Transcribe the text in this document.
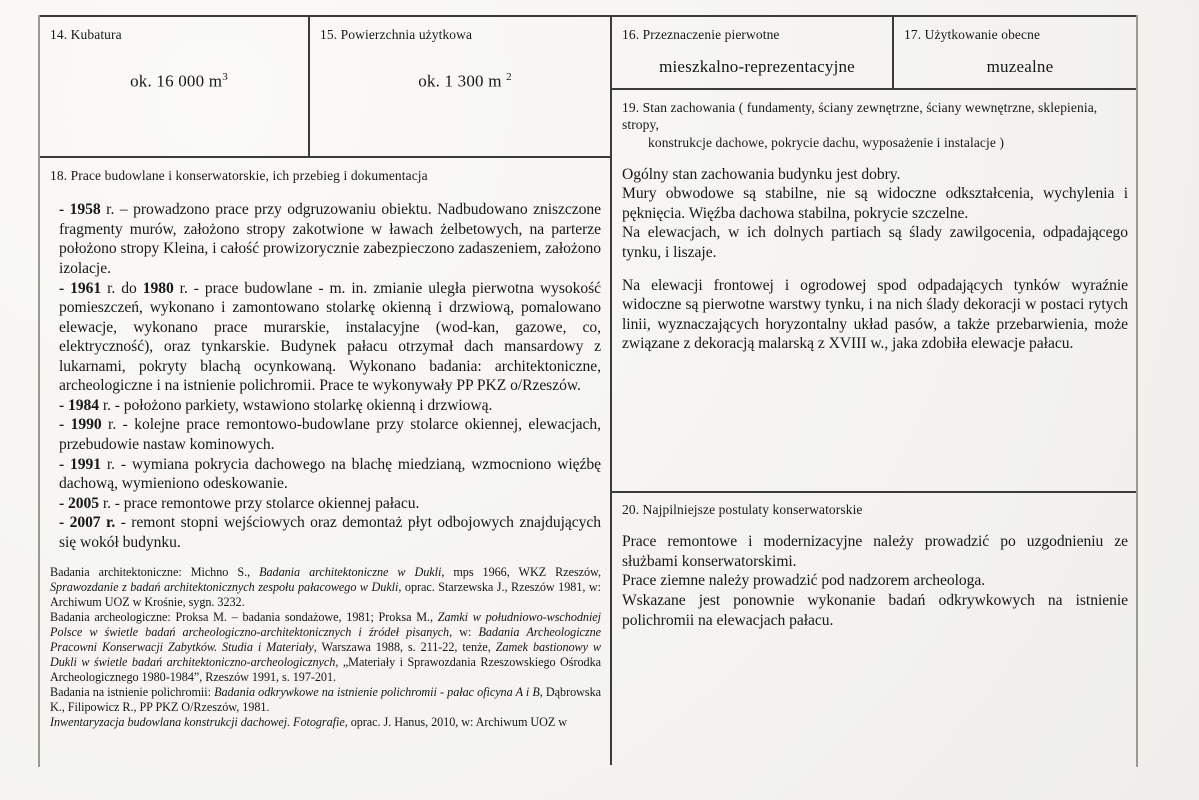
14. Kubatura
ok. 16 000 $m^3$
15. Powierzchnia użytkowa
ok. 1 300 m $^2$
16. Przeznaczenie pierwotne
mieszkalno-reprezentacyjne
17. Użytkowanie obecne
muzealne
19. Stan zachowania ( fundamenty, ściany zewnętrzne, ściany wewnętrzne, sklepienia, stropy,
konstrukcje dachowe, pokrycie dachu, wyposażenie i instalacje )

Ogólny stan zachowania budynku jest dobry.

Mury obwodowe są stabilne, nie są widoczne odkształcenia, wychylenia i pęknięcia. Więźba dachowa stabilna, pokrycie szczelne.

Na elewacjach, w ich dolnych partiach są ślady zawilgocenia, odpadającego tynku, i liszaje.

Na elewacji frontowej i ogrodowej spod odpadających tynków wyraźnie widoczne są pierwotne warstwy tynku, i na nich ślady dekoracji w postaci rytych linii, wyznaczających horyzontalny układ pasów, a także przebarwienia, może związane z dekoracją malarską z XVIII w., jaka zdobiła elewacje pałacu.

20. Najpilniejsze postulaty konserwatorskie

Prace remontowe i modernizacyjne należy prowadzić po uzgodnieniu ze służbami konserwatorskimi.

Prace ziemne należy prowadzić pod nadzorem archeologa.

Wskazane jest ponownie wykonanie badań odkrywkowych na istnienie polichromii na elewacjach pałacu.

18. Prace budowlane i konserwatorskie, ich przebieg i dokumentacja

- 1958 r. – prowadzono prace przy odgruzowaniu obiektu. Nadbudowano zniszczone fragmenty murów, założono stropy zakotwione w ławach żelbetowych, na parterze położono stropy Kleina, i całość prowizorycznie zabezpieczono zadaszeniem, założono izolacje.

- 1961 r. do 1980 r. - prace budowlane - m. in. zmianie uległa pierwotna wysokość pomieszczeń, wykonano i zamontowano stolarkę okienną i drzwiową, pomalowano elewacje, wykonano prace murarskie, instalacyjne (wod-kan, gazowe, co, elektryczność), oraz tynkarskie. Budynek pałacu otrzymał dach mansardowy z lukarnami, pokryty blachą ocynkowaną. Wykonano badania: architektoniczne, archeologiczne i na istnienie polichromii. Prace te wykonywały PP PKZ o/Rzeszów.

- 1984 r. - położono parkiety, wstawiono stolarkę okienną i drzwiową.

- 1990 r. - kolejne prace remontowo-budowlane przy stolarce okiennej, elewacjach, przebudowie nastaw kominowych.

- 1991 r. - wymiana pokrycia dachowego na blachę miedzianą, wzmocniono więźbę dachową, wymieniono odeskowanie.

- 2005 r. - prace remontowe przy stolarce okiennej pałacu.

- 2007 r. - remont stopni wejściowych oraz demontaż płyt odbojowych znajdujących się wokół budynku.

Badania architektoniczne: Michno S., Badania architektoniczne w Dukli, mps 1966, WKZ Rzeszów, Sprawozdanie z badań architektonicznych zespołu pałacowego w Dukli, oprac. Starzewska J., Rzeszów 1981, w: Archiwum UOZ w Krośnie, sygn. 3232.

Badania archeologiczne: Proksa M. – badania sondażowe, 1981; Proksa M., Zamki w południowo-wschodniej Polsce w świetle badań archeologiczno-architektonicznych i źródeł pisanych, w: Badania Archeologiczne Pracowni Konserwacji Zabytków. Studia i Materiały, Warszawa 1988, s. 211-22, tenże, Zamek bastionowy w Dukli w świetle badań architektoniczno-archeologicznych, „Materiały i Sprawozdania Rzeszowskiego Ośrodka Archeologicznego 1980-1984”, Rzeszów 1991, s. 197-201.

Badania na istnienie polichromii: Badania odkrywkowe na istnienie polichromii - pałac oficyna A i B, Dąbrowska K., Filipowicz R., PP PKZ O/Rzeszów, 1981.

Inwentaryzacja budowlana konstrukcji dachowej. Fotografie, oprac. J. Hanus, 2010, w: Archiwum UOZ w
